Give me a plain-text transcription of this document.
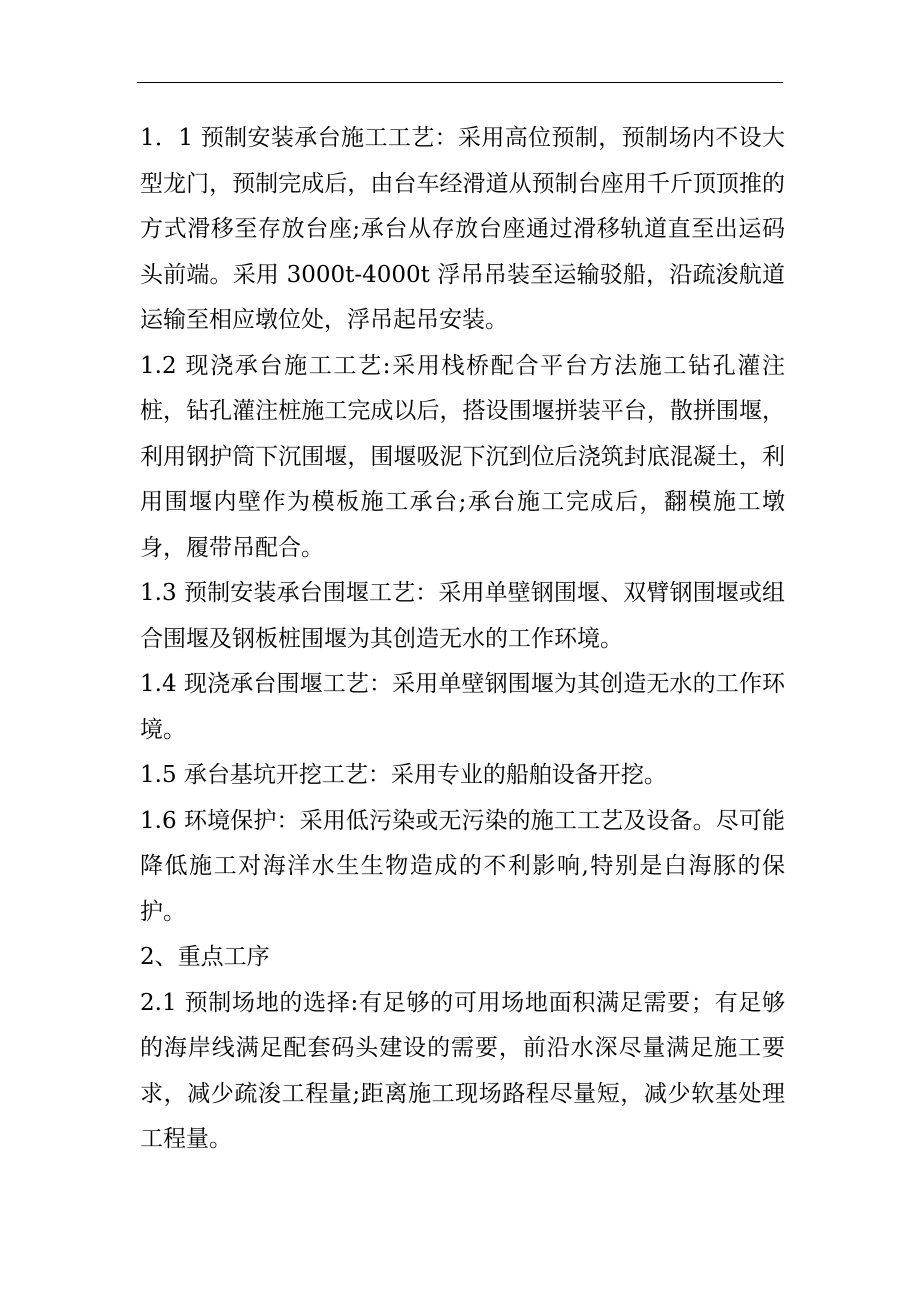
1．1 预制安装承台施工工艺：采用高位预制，预制场内不设大型龙门，预制完成后，由台车经滑道从预制台座用千斤顶顶推的方式滑移至存放台座;承台从存放台座通过滑移轨道直至出运码头前端。采用 3000t-4000t 浮吊吊装至运输驳船，沿疏浚航道运输至相应墩位处，浮吊起吊安装。

1.2 现浇承台施工工艺:采用栈桥配合平台方法施工钻孔灌注桩，钻孔灌注桩施工完成以后，搭设围堰拼装平台，散拼围堰，利用钢护筒下沉围堰，围堰吸泥下沉到位后浇筑封底混凝土，利用围堰内壁作为模板施工承台;承台施工完成后，翻模施工墩身，履带吊配合。

1.3 预制安装承台围堰工艺：采用单壁钢围堰、双臂钢围堰或组合围堰及钢板桩围堰为其创造无水的工作环境。

1.4 现浇承台围堰工艺：采用单壁钢围堰为其创造无水的工作环境。

1.5 承台基坑开挖工艺：采用专业的船舶设备开挖。

1.6 环境保护：采用低污染或无污染的施工工艺及设备。尽可能降低施工对海洋水生生物造成的不利影响,特别是白海豚的保护。

2、重点工序

2.1 预制场地的选择:有足够的可用场地面积满足需要；有足够的海岸线满足配套码头建设的需要，前沿水深尽量满足施工要求，减少疏浚工程量;距离施工现场路程尽量短，减少软基处理工程量。
